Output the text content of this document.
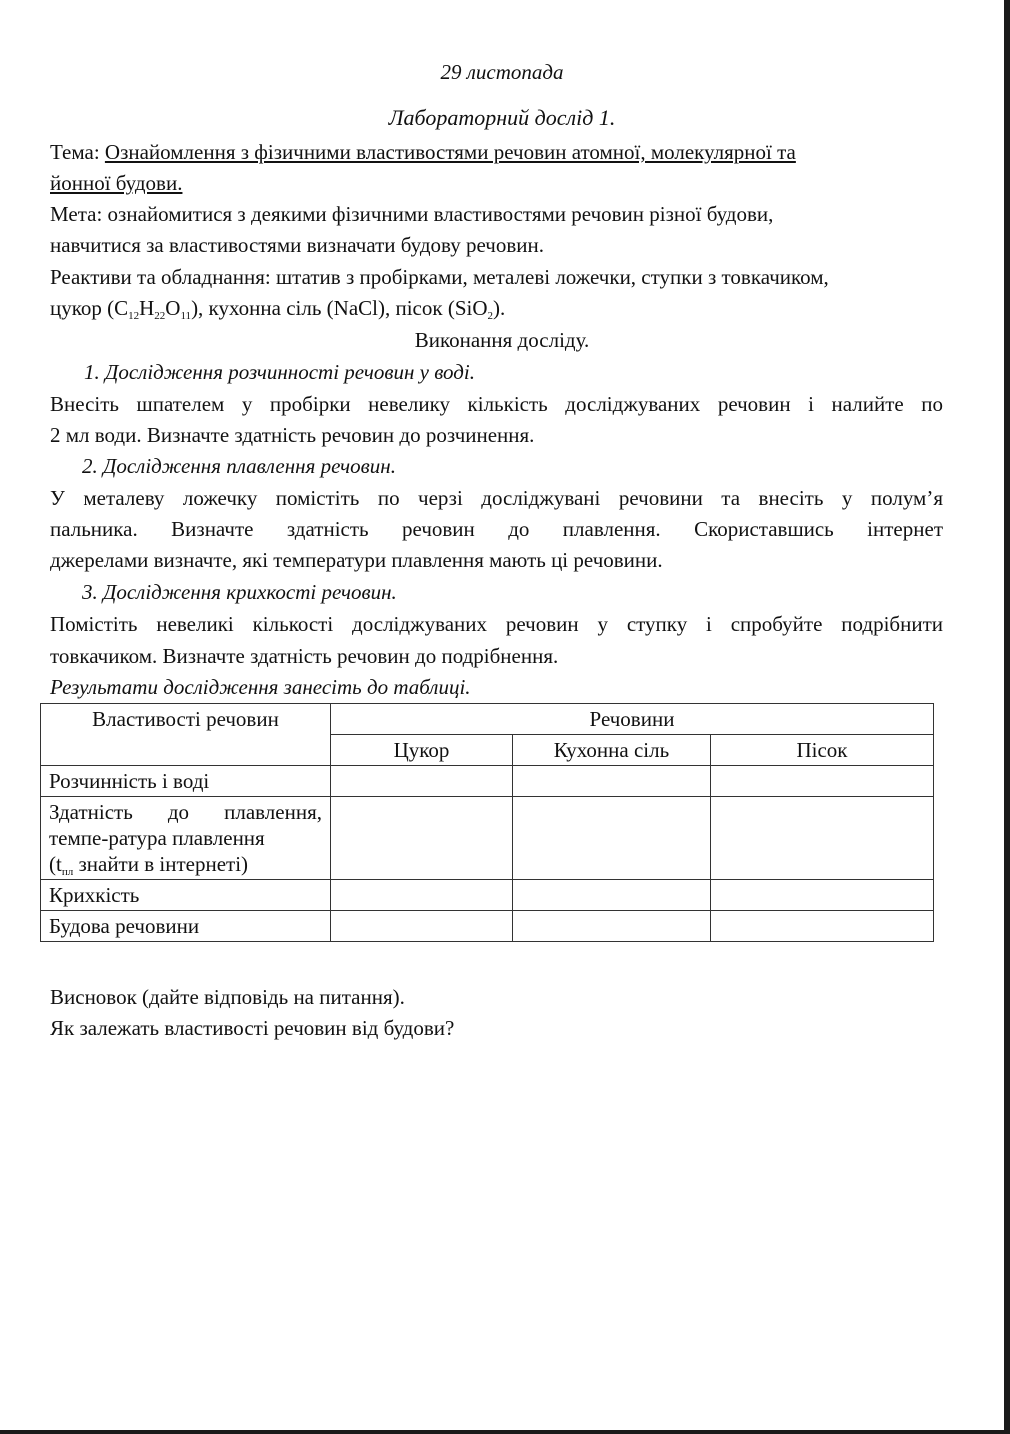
29 листопада
Лабораторний дослід 1.
Тема: Ознайомлення з фізичними властивостями речовин атомної, молекулярної та
йонної будови.
Мета: ознайомитися з деякими фізичними властивостями речовин різної будови,
навчитися за властивостями визначати будову речовин.
Реактиви та обладнання: штатив з пробірками, металеві ложечки, ступки з товкачиком,
цукор $(C_{12}H_{22}O_{11})$, кухонна сіль (NaCl), пісок (SiO$_2$).
Виконання досліду.
1. Дослідження розчинності речовин у воді.
Внесіть шпателем у пробірки невелику кількість досліджуваних речовин і налийте по
2 мл води. Визначте здатність речовин до розчинення.
2. Дослідження плавлення речовин.
У металеву ложечку помістіть по черзі досліджувані речовини та внесіть у полум’я
пальника. Визначте здатність речовин до плавлення. Скориставшись інтернет
джерелами визначте, які температури плавлення мають ці речовини.
3. Дослідження крихкості речовин.
Помістіть невеликі кількості досліджуваних речовин у ступку і спробуйте подрібнити
товкачиком. Визначте здатність речовин до подрібнення.
Результати дослідження занесіть до таблиці.
Властивості речовин	Речовини		
	Цукор	Кухонна сіль	Пісок
Розчинність і воді			
Здатність до плавлення, темпе-ратура плавлення
($t_{пл}$ знайти в інтернеті)			
Крихкість			
Будова речовини			
Висновок (дайте відповідь на питання).
Як залежать властивості речовин від будови?
